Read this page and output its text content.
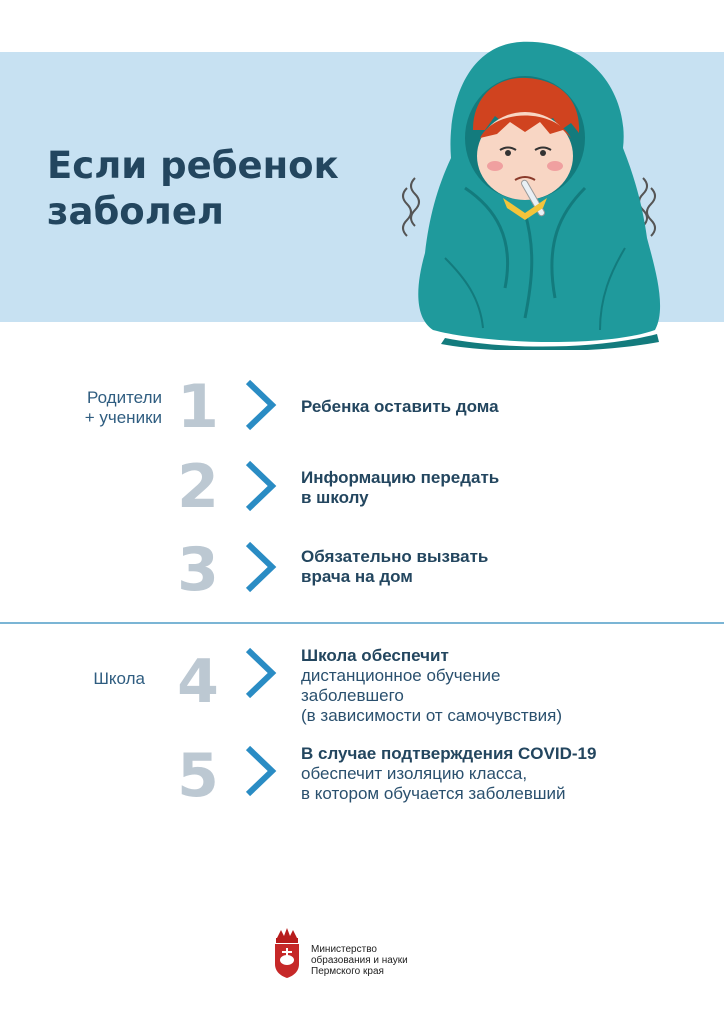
Если ребенок
заболел
Родители
+ ученики
Школа
1	Ребенка оставить дома
2	Информацию передать
в школу
3	Обязательно вызвать
врача на дом
4	Школа обеспечит
дистанционное обучение
заболевшего
(в зависимости от самочувствия)
5	В случае подтверждения COVID-19
обеспечит изоляцию класса,
в котором обучается заболевший
Министерство
образования и науки
Пермского края
